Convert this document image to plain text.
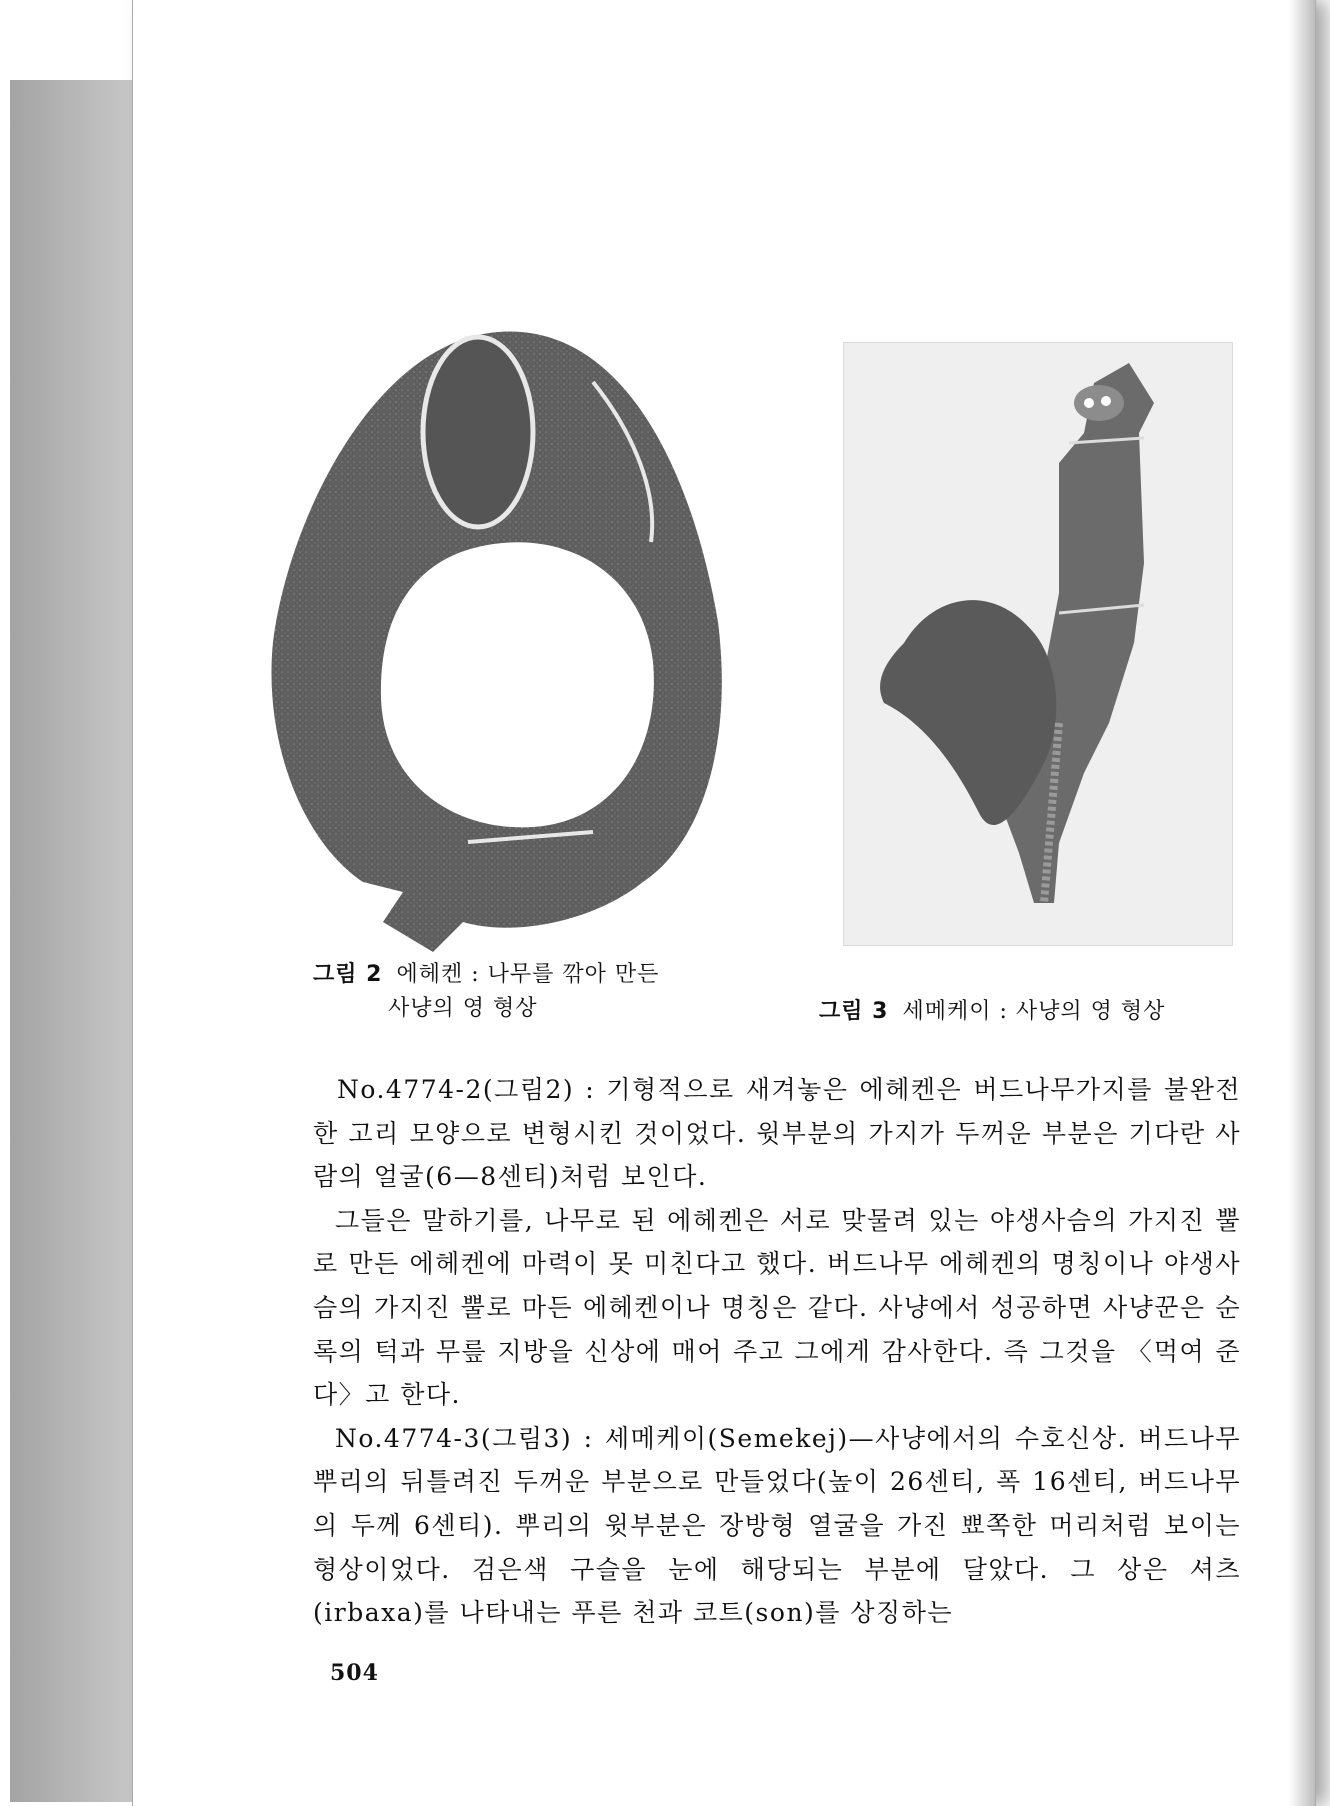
그림 2 에헤켄 : 나무를 깎아 만든
사냥의 영 형상	그림 3 세메케이 : 사냥의 영 형상

No.4774-2(그림2) : 기형적으로 새겨놓은 에헤켄은 버드나무가지를 불완전한 고리 모양으로 변형시킨 것이었다. 윗부분의 가지가 두꺼운 부분은 기다란 사람의 얼굴(6—8센티)처럼 보인다.

그들은 말하기를, 나무로 된 에헤켄은 서로 맞물려 있는 야생사슴의 가지진 뿔로 만든 에헤켄에 마력이 못 미친다고 했다. 버드나무 에헤켄의 명칭이나 야생사슴의 가지진 뿔로 마든 에헤켄이나 명칭은 같다. 사냥에서 성공하면 사냥꾼은 순록의 턱과 무릎 지방을 신상에 매어 주고 그에게 감사한다. 즉 그것을 〈먹여 준다〉고 한다.

No.4774-3(그림3) : 세메케이(Semekej)—사냥에서의 수호신상. 버드나무 뿌리의 뒤틀려진 두꺼운 부분으로 만들었다(높이 26센티, 폭 16센티, 버드나무의 두께 6센티). 뿌리의 윗부분은 장방형 열굴을 가진 뾰쪽한 머리처럼 보이는 형상이었다. 검은색 구슬을 눈에 해당되는 부분에 달았다. 그 상은 셔츠(irbaxa)를 나타내는 푸른 천과 코트(son)를 상징하는

504
